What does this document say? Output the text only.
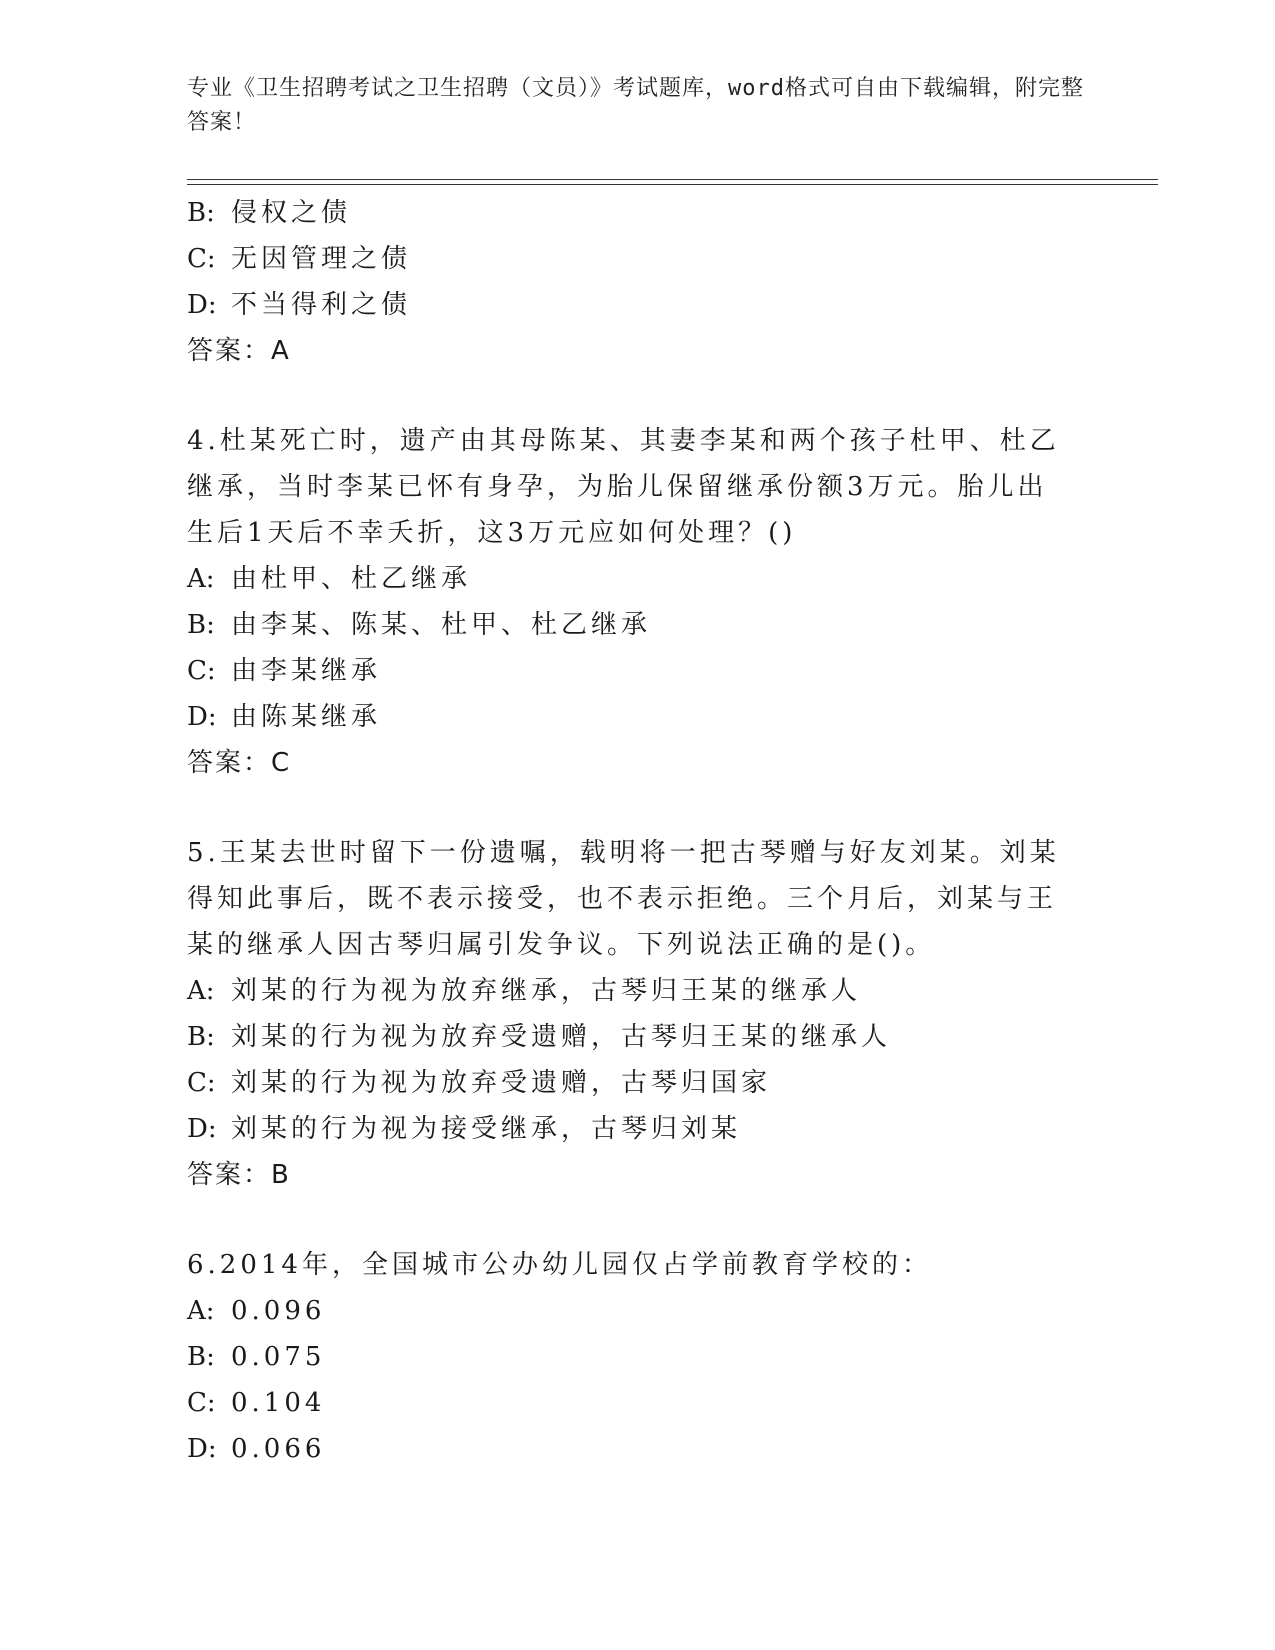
专业《卫生招聘考试之卫生招聘（文员）》考试题库，word格式可自由下载编辑，附完整答案！
B: 侵权之债
C: 无因管理之债
D: 不当得利之债
答案：A
4.杜某死亡时，遗产由其母陈某、其妻李某和两个孩子杜甲、杜乙继承，当时李某已怀有身孕，为胎儿保留继承份额3万元。胎儿出生后1天后不幸夭折，这3万元应如何处理？()
A: 由杜甲、杜乙继承
B: 由李某、陈某、杜甲、杜乙继承
C: 由李某继承
D: 由陈某继承
答案：C
5.王某去世时留下一份遗嘱，载明将一把古琴赠与好友刘某。刘某得知此事后，既不表示接受，也不表示拒绝。三个月后，刘某与王某的继承人因古琴归属引发争议。下列说法正确的是()。
A: 刘某的行为视为放弃继承，古琴归王某的继承人
B: 刘某的行为视为放弃受遗赠，古琴归王某的继承人
C: 刘某的行为视为放弃受遗赠，古琴归国家
D: 刘某的行为视为接受继承，古琴归刘某
答案：B
6.2014年，全国城市公办幼儿园仅占学前教育学校的：
A: 0.096
B: 0.075
C: 0.104
D: 0.066
